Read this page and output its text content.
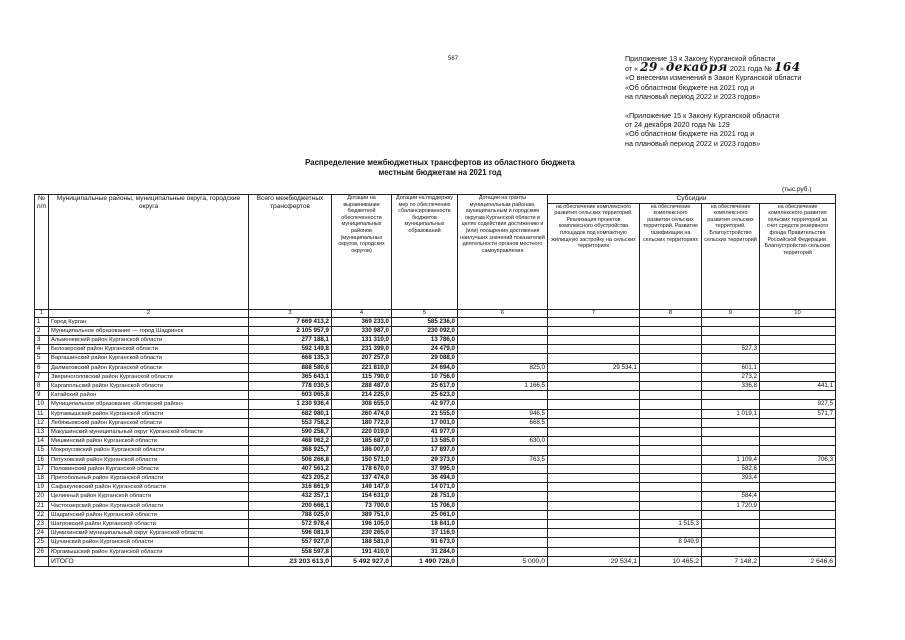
567	Приложение 13 к Закону Курганской области
от « 29 » декабря 2021 года № 164
«О внесении изменений в Закон Курганской области
«Об областном бюджете на 2021 год и
на плановый период 2022 и 2023 годов»
«Приложение 15 к Закону Курганской области
от 24 декабря 2020 года № 129
«Об областном бюджете на 2021 год и
на плановый период 2022 и 2023 годов»
Распределение межбюджетных трансфертов из областного бюджета
местным бюджетам на 2021 год
(тыс.руб.)
№ п/п	Муниципальные районы, муниципальные округа, городские округа	Всего межбюджетных трансфертов	Дотации на выравнивание бюджетной обеспеченности муниципальных районов (муниципальных округов, городских округов)	Дотации на поддержку мер по обеспечению сбалансированности бюджетов муниципальных образований	Дотации на гранты муниципальным районам, муниципальным и городским округам Курганской области в целях содействия достижению и (или) поощрения достижения наилучших значений показателей деятельности органов местного самоуправления	Субсидии			
						на обеспечение комплексного развития сельских территорий. Реализация проектов комплексного обустройства площадок под компактную жилищную застройку на сельских территориях	на обеспечение комплексного развития сельских территорий. Развитие газификации на сельских территориях	на обеспечение комплексного развития сельских территорий. Благоустройство сельских территорий	на обеспечение комплексного развития сельских территорий за счет средств резервного фонда Правительства Российской Федерации. Благоустройство сельских территорий
1	2	3	4	5	6	7	8	9	10
1	Город Курган	7 669 413,2	369 233,0	585 236,0					
2	Муниципальное образование — город Шадринск	2 105 957,9	330 987,0	230 092,0					
3	Альменевский район Курганской области	277 188,1	131 310,0	13 786,0					
4	Белозерский район Курганской области	592 149,8	231 399,0	24 479,0				527,3	
5	Варгашинский район Курганской области	668 135,3	207 257,0	29 088,0					
6	Далматовский район Курганской области	888 580,6	221 810,0	24 694,0	825,0	29 534,1		601,1	
7	Звериноголовский район Курганской области	365 643,1	115 790,0	10 756,0				273,2	
8	Каргапольский район Курганской области	778 030,5	288 487,0	25 617,0	1 166,5			336,8	441,1
9	Катайский район	603 065,8	214 225,0	25 623,0					
10	Муниципальное образование «Кетовский район»	1 230 936,4	308 655,0	42 977,0					927,5
11	Куртамышский район Курганской области	682 980,1	260 474,0	21 555,0	946,5			1 019,1	571,7
12	Лебяжьевский район Курганской области	553 758,2	180 772,0	17 001,0	668,5				
13	Макушинский муниципальный округ Курганской области	590 258,7	220 019,0	41 977,0					
14	Мишкинский район Курганской области	468 062,2	185 687,0	13 585,0	630,0				
15	Мокроусовский район Курганской области	368 925,7	186 007,0	17 897,0					
16	Петуховский район Курганской области	506 266,8	150 571,0	29 373,0	763,5			1 109,4	706,3
17	Половинский район Курганской области	407 561,2	178 670,0	37 995,0				582,6	
18	Притобольный район Курганской области	423 205,2	137 474,0	36 494,0				393,4	
19	Сафакулевский район Курганской области	316 861,9	149 147,0	14 071,0					
20	Целинный район Курганской области	432 357,1	154 631,0	28 751,0				584,4	
21	Частоозерский район Курганской области	200 666,1	73 700,0	15 706,0				1 720,9	
22	Шадринский район Курганской области	788 025,0	389 751,0	25 061,0					
23	Шатровский район Курганской области	572 978,4	196 105,0	18 841,0			1 515,3		
24	Шумихинский муниципальный округ Курганской области	596 081,9	230 265,0	37 116,0					
25	Щучанский район Курганской области	557 927,0	188 581,0	91 673,0			8 949,9		
26	Юргамышский район Курганской области	558 597,8	191 410,0	31 284,0					
	ИТОГО	23 203 613,0	5 492 927,0	1 490 728,0	5 000,0	29 534,1	10 465,2	7 148,2	2 646,6
